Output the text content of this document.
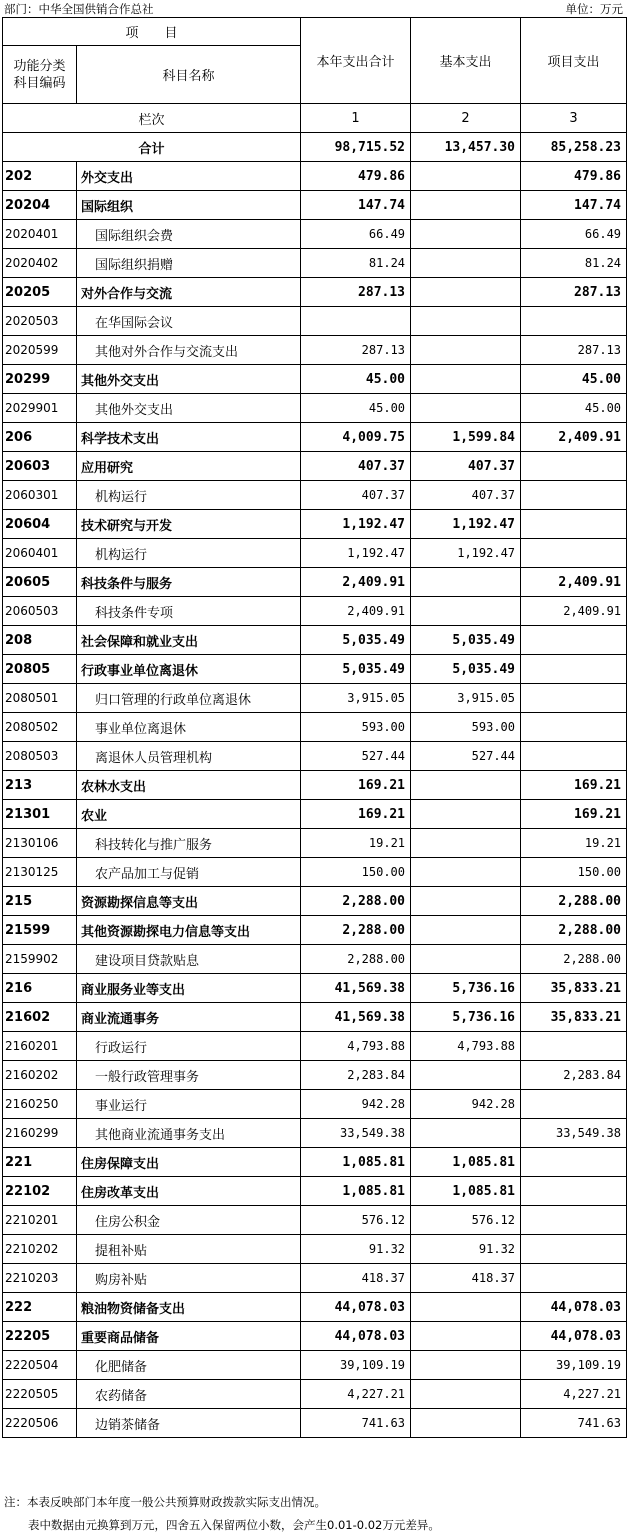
部门：中华全国供销合作总社	单位：万元
项　　目		本年支出合计	基本支出	项目支出
功能分类
科目编码	科目名称			
栏次		1	2	3
合计		98,715.52	13,457.30	85,258.23
202	外交支出	479.86		479.86
20204	国际组织	147.74		147.74
2020401	国际组织会费	66.49		66.49
2020402	国际组织捐赠	81.24		81.24
20205	对外合作与交流	287.13		287.13
2020503	在华国际会议			
2020599	其他对外合作与交流支出	287.13		287.13
20299	其他外交支出	45.00		45.00
2029901	其他外交支出	45.00		45.00
206	科学技术支出	4,009.75	1,599.84	2,409.91
20603	应用研究	407.37	407.37	
2060301	机构运行	407.37	407.37	
20604	技术研究与开发	1,192.47	1,192.47	
2060401	机构运行	1,192.47	1,192.47	
20605	科技条件与服务	2,409.91		2,409.91
2060503	科技条件专项	2,409.91		2,409.91
208	社会保障和就业支出	5,035.49	5,035.49	
20805	行政事业单位离退休	5,035.49	5,035.49	
2080501	归口管理的行政单位离退休	3,915.05	3,915.05	
2080502	事业单位离退休	593.00	593.00	
2080503	离退休人员管理机构	527.44	527.44	
213	农林水支出	169.21		169.21
21301	农业	169.21		169.21
2130106	科技转化与推广服务	19.21		19.21
2130125	农产品加工与促销	150.00		150.00
215	资源勘探信息等支出	2,288.00		2,288.00
21599	其他资源勘探电力信息等支出	2,288.00		2,288.00
2159902	建设项目贷款贴息	2,288.00		2,288.00
216	商业服务业等支出	41,569.38	5,736.16	35,833.21
21602	商业流通事务	41,569.38	5,736.16	35,833.21
2160201	行政运行	4,793.88	4,793.88	
2160202	一般行政管理事务	2,283.84		2,283.84
2160250	事业运行	942.28	942.28	
2160299	其他商业流通事务支出	33,549.38		33,549.38
221	住房保障支出	1,085.81	1,085.81	
22102	住房改革支出	1,085.81	1,085.81	
2210201	住房公积金	576.12	576.12	
2210202	提租补贴	91.32	91.32	
2210203	购房补贴	418.37	418.37	
222	粮油物资储备支出	44,078.03		44,078.03
22205	重要商品储备	44,078.03		44,078.03
2220504	化肥储备	39,109.19		39,109.19
2220505	农药储备	4,227.21		4,227.21
2220506	边销茶储备	741.63		741.63
注：本表反映部门本年度一般公共预算财政拨款实际支出情况。
表中数据由元换算到万元，四舍五入保留两位小数，会产生0.01-0.02万元差异。
